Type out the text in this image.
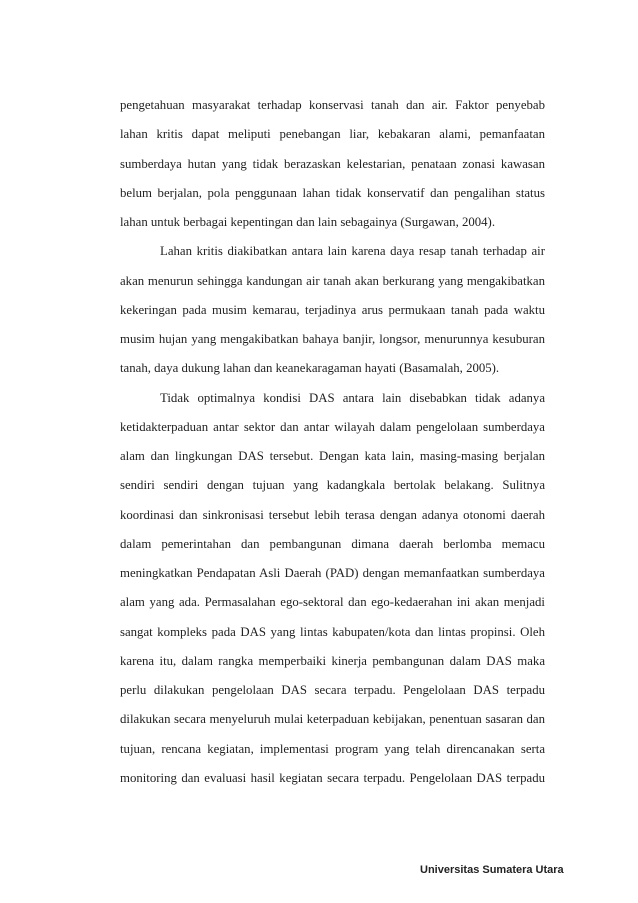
pengetahuan masyarakat terhadap konservasi tanah dan air. Faktor penyebab
lahan kritis dapat meliputi penebangan liar, kebakaran alami, pemanfaatan
sumberdaya hutan yang tidak berazaskan kelestarian, penataan zonasi kawasan
belum berjalan, pola penggunaan lahan tidak konservatif dan pengalihan status
lahan untuk berbagai kepentingan dan lain sebagainya (Surgawan, 2004).
Lahan kritis diakibatkan antara lain karena daya resap tanah terhadap air
akan menurun sehingga kandungan air tanah akan berkurang yang mengakibatkan
kekeringan pada musim kemarau, terjadinya arus permukaan tanah pada waktu
musim hujan yang mengakibatkan bahaya banjir, longsor, menurunnya kesuburan
tanah, daya dukung lahan dan keanekaragaman hayati (Basamalah, 2005).
Tidak optimalnya kondisi DAS antara lain disebabkan tidak adanya
ketidakterpaduan antar sektor dan antar wilayah dalam pengelolaan sumberdaya
alam dan lingkungan DAS tersebut. Dengan kata lain, masing-masing berjalan
sendiri sendiri dengan tujuan yang kadangkala bertolak belakang. Sulitnya
koordinasi dan sinkronisasi tersebut lebih terasa dengan adanya otonomi daerah
dalam pemerintahan dan pembangunan dimana daerah berlomba memacu
meningkatkan Pendapatan Asli Daerah (PAD) dengan memanfaatkan sumberdaya
alam yang ada. Permasalahan ego-sektoral dan ego-kedaerahan ini akan menjadi
sangat kompleks pada DAS yang lintas kabupaten/kota dan lintas propinsi. Oleh
karena itu, dalam rangka memperbaiki kinerja pembangunan dalam DAS maka
perlu dilakukan pengelolaan DAS secara terpadu. Pengelolaan DAS terpadu
dilakukan secara menyeluruh mulai keterpaduan kebijakan, penentuan sasaran dan
tujuan, rencana kegiatan, implementasi program yang telah direncanakan serta
monitoring dan evaluasi hasil kegiatan secara terpadu. Pengelolaan DAS terpadu
Universitas Sumatera Utara
